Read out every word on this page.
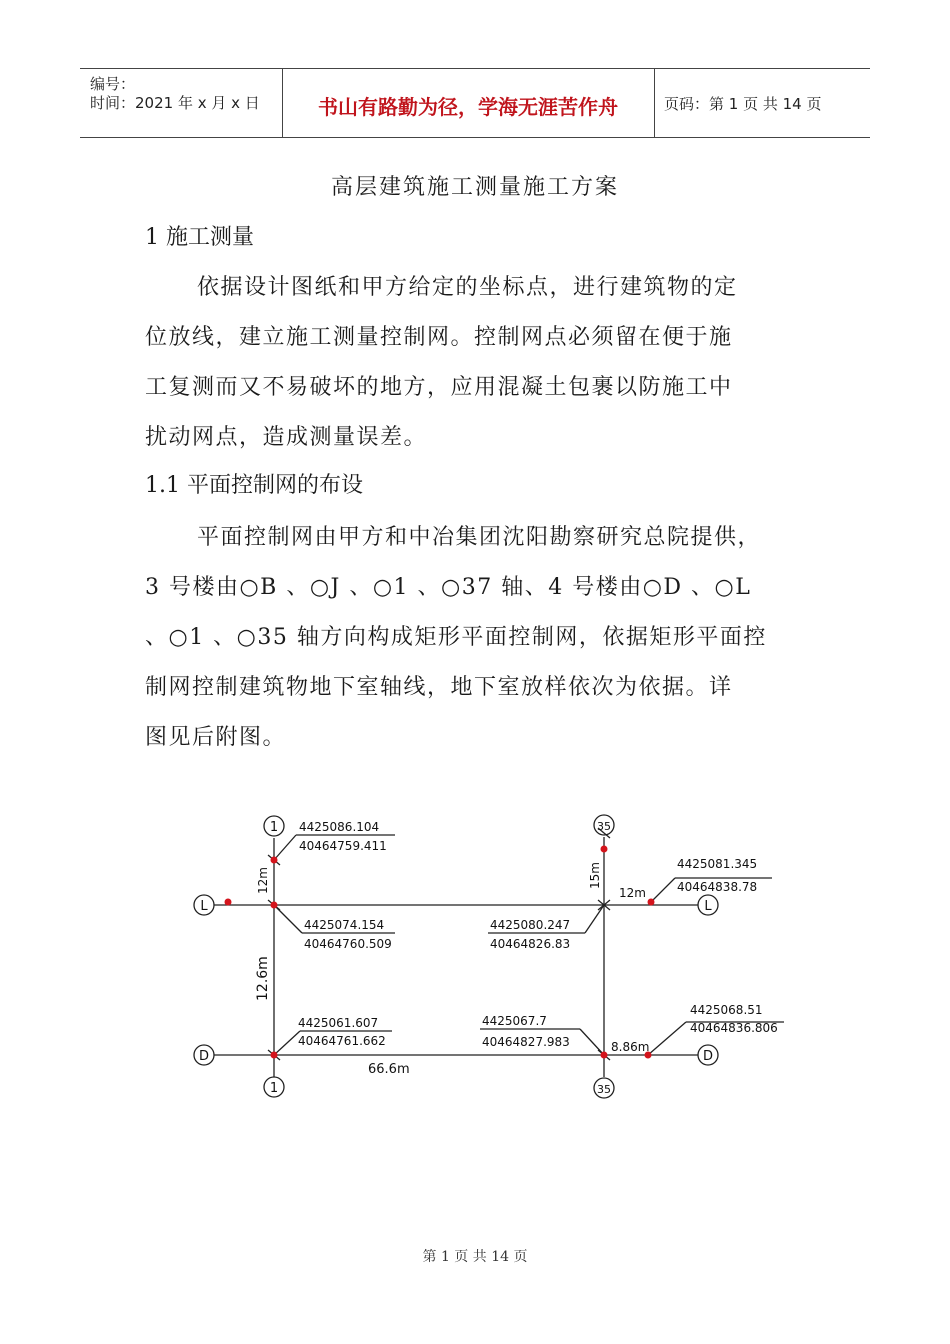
编号：
时间：2021 年 x 月 x 日	书山有路勤为径，学海无涯苦作舟	页码：第 1 页 共 14 页
高层建筑施工测量施工方案
1 施工测量
依据设计图纸和甲方给定的坐标点，进行建筑物的定
位放线，建立施工测量控制网。控制网点必须留在便于施
工复测而又不易破坏的地方，应用混凝土包裹以防施工中
扰动网点，造成测量误差。
1.1 平面控制网的布设
平面控制网由甲方和中冶集团沈阳勘察研究总院提供，
3 号楼由○B 、○J 、○1 、○37 轴、4 号楼由○D 、○L
、○1 、○35 轴方向构成矩形平面控制网，依据矩形平面控
制网控制建筑物地下室轴线，地下室放样依次为依据。详
图见后附图。
1
1
35
35
L	L
D	D
12m
12.6m
66.6m
15m
12m
8.86m
4425086.104
40464759.411
4425074.154
40464760.509
4425061.607
40464761.662
4425080.247
40464826.83
4425067.7
40464827.983
4425081.345
40464838.78
4425068.51
40464836.806
第 1 页 共 14 页
